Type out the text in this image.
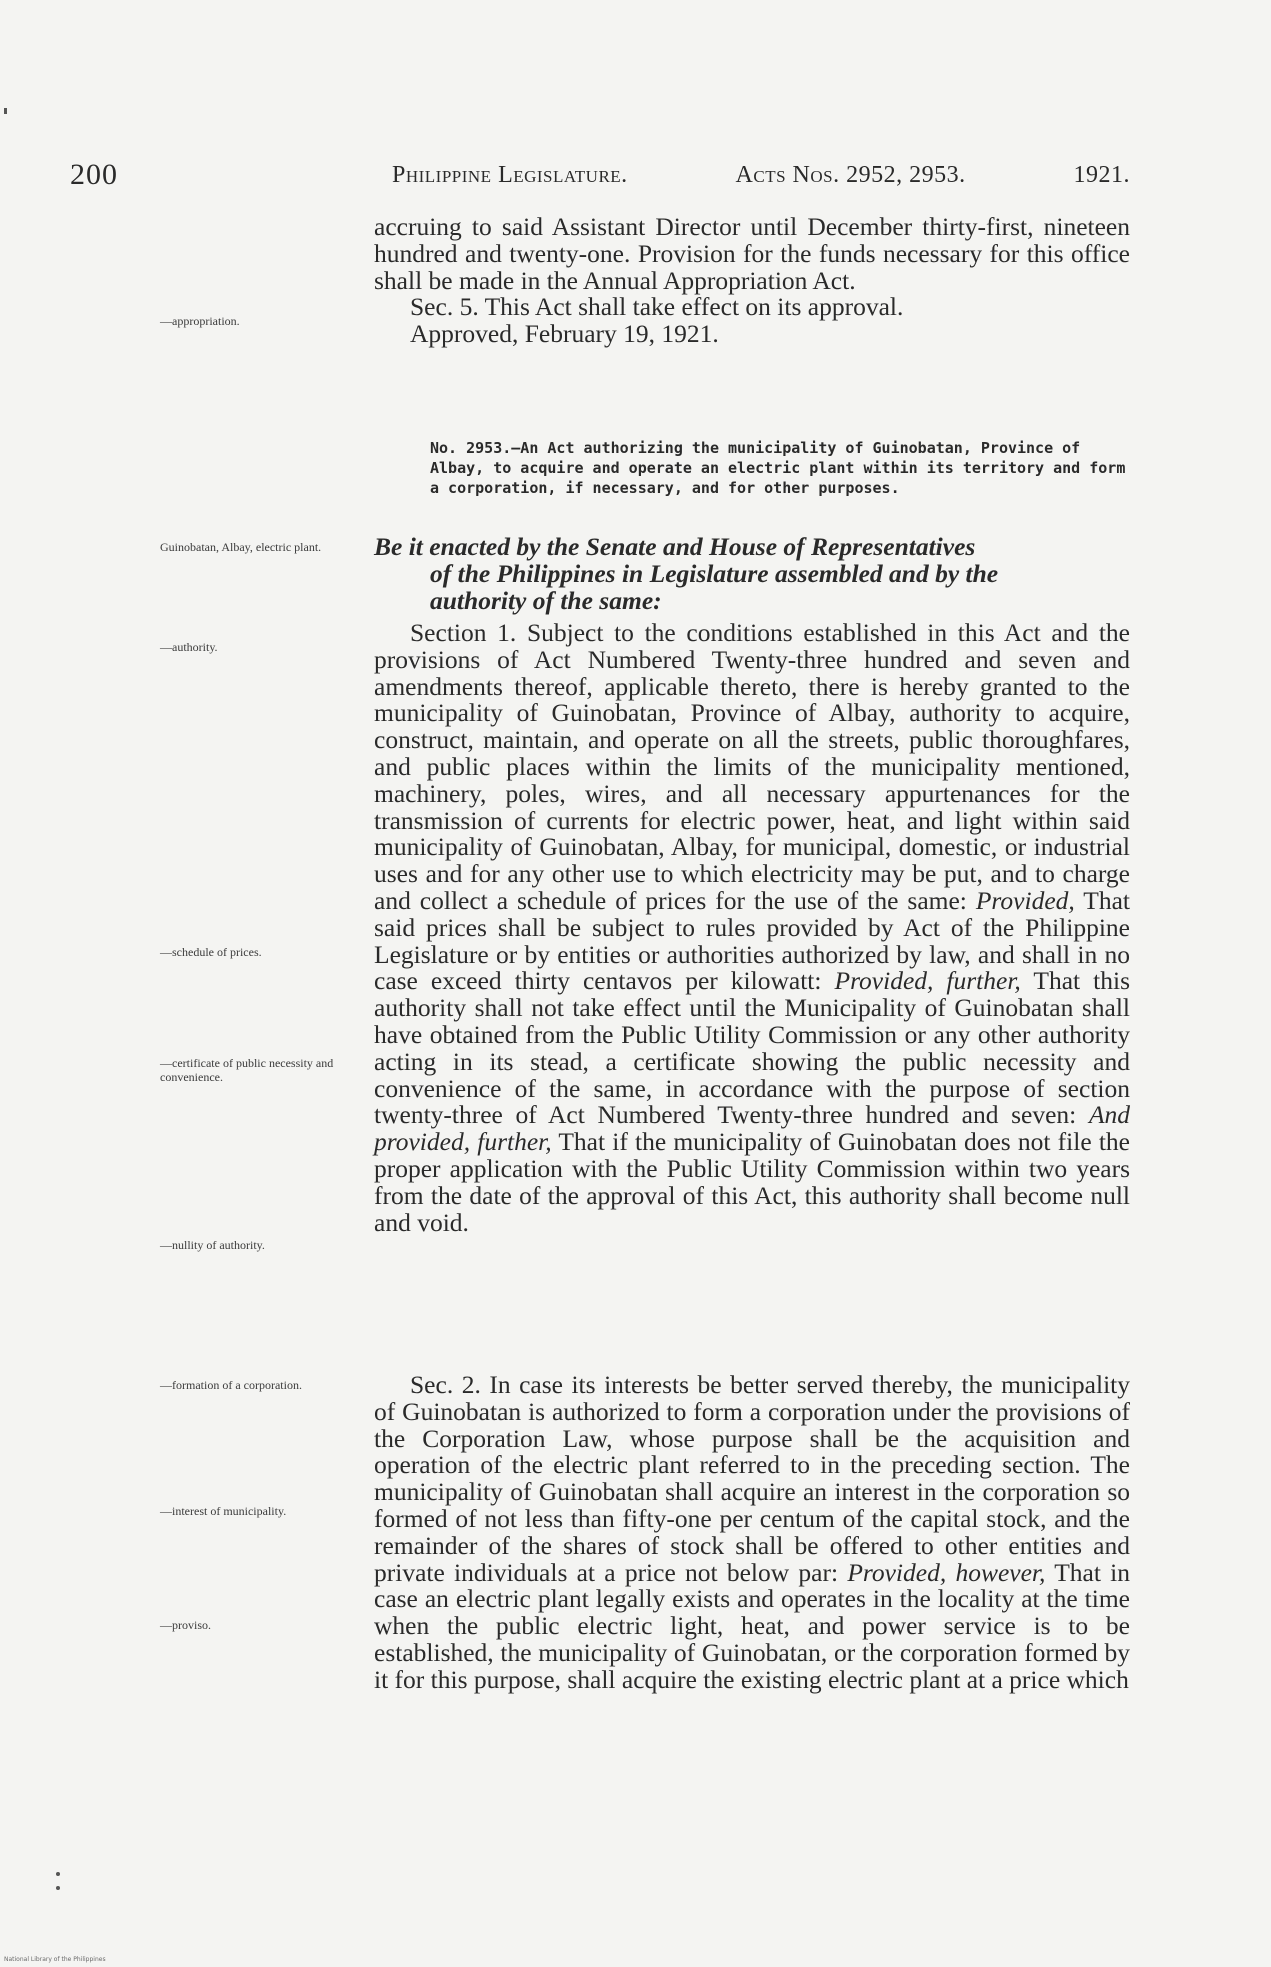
200	Philippine Legislature.	Acts Nos. 2952, 2953.	1921.

accruing to said Assistant Director until December thirty-first, nineteen hundred and twenty-one. Provision for the funds necessary for this office shall be made in the Annual Appropriation Act.

Sec. 5. This Act shall take effect on its approval.

Approved, February 19, 1921.

—appropriation.
No. 2953.—An Act authorizing the municipality of Guinobatan, Province of Albay, to acquire and operate an electric plant within its territory and form a corporation, if necessary, and for other purposes.
Guinobatan, Albay, electric plant.	Be it enacted by the Senate and House of Representatives
of the Philippines in Legislature assembled and by the
authority of the same:

Section 1. Subject to the conditions established in this Act and the provisions of Act Numbered Twenty-three hundred and seven and amendments thereof, applicable thereto, there is hereby granted to the municipality of Guinobatan, Province of Albay, authority to acquire, construct, maintain, and operate on all the streets, public thoroughfares, and public places within the limits of the municipality mentioned, machinery, poles, wires, and all necessary appurtenances for the transmission of currents for electric power, heat, and light within said municipality of Guinobatan, Albay, for municipal, domestic, or industrial uses and for any other use to which electricity may be put, and to charge and collect a schedule of prices for the use of the same: Provided, That said prices shall be subject to rules provided by Act of the Philippine Legislature or by entities or authorities authorized by law, and shall in no case exceed thirty centavos per kilowatt: Provided, further, That this authority shall not take effect until the Municipality of Guinobatan shall have obtained from the Public Utility Commission or any other authority acting in its stead, a certificate showing the public necessity and convenience of the same, in accordance with the purpose of section twenty-three of Act Numbered Twenty-three hundred and seven: And provided, further, That if the municipality of Guinobatan does not file the proper application with the Public Utility Commission within two years from the date of the approval of this Act, this authority shall become null and void.

—authority.
—schedule of prices.
—certificate of public necessity and convenience.
—nullity of authority.

Sec. 2. In case its interests be better served thereby, the municipality of Guinobatan is authorized to form a corporation under the provisions of the Corporation Law, whose purpose shall be the acquisition and operation of the electric plant referred to in the preceding section. The municipality of Guinobatan shall acquire an interest in the corporation so formed of not less than fifty-one per centum of the capital stock, and the remainder of the shares of stock shall be offered to other entities and private individuals at a price not below par: Provided, however, That in case an electric plant legally exists and operates in the locality at the time when the public electric light, heat, and power service is to be established, the municipality of Guinobatan, or the corporation formed by it for this purpose, shall acquire the existing electric plant at a price which

—formation of a corporation.
—interest of municipality.
—proviso.
National Library of the Philippines
